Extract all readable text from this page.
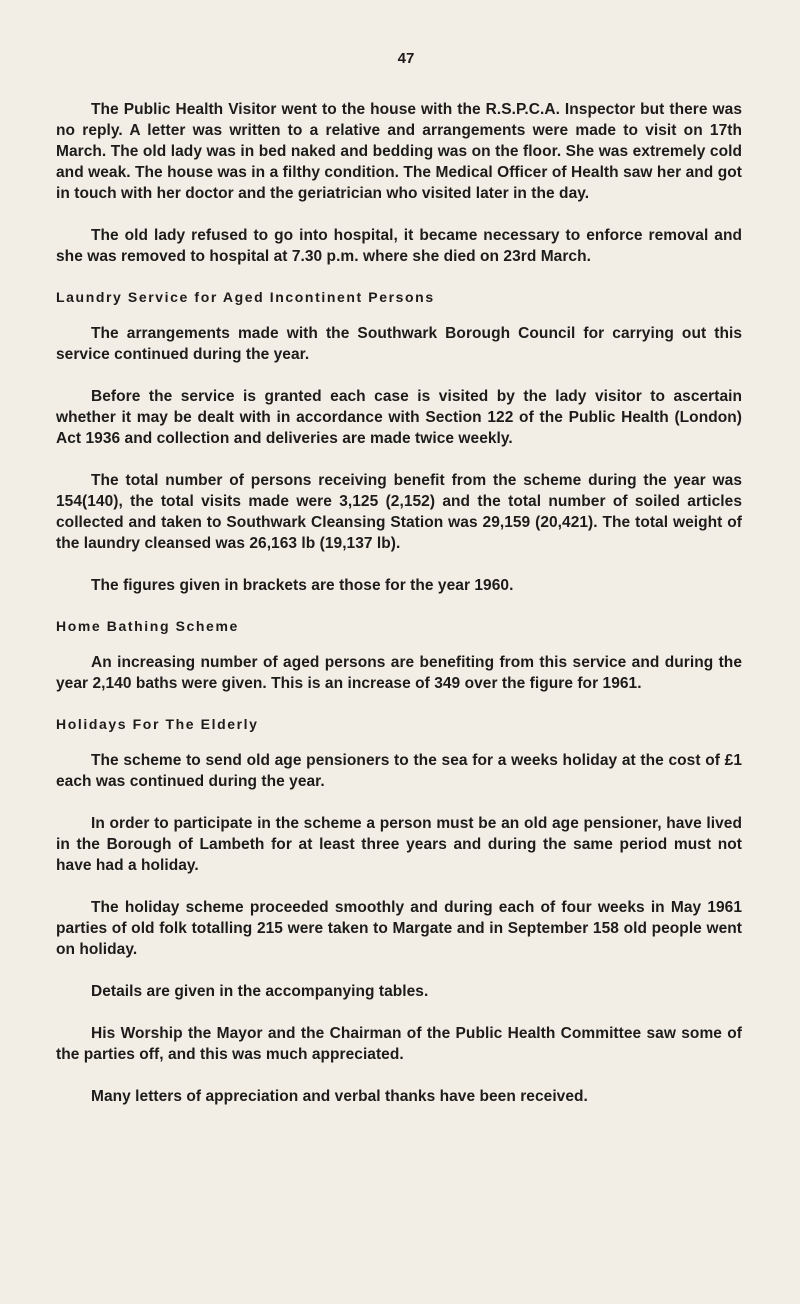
47

The Public Health Visitor went to the house with the R.S.P.C.A. Inspector but there was no reply. A letter was written to a relative and arrangements were made to visit on 17th March. The old lady was in bed naked and bedding was on the floor. She was extremely cold and weak. The house was in a filthy condition. The Medical Officer of Health saw her and got in touch with her doctor and the geriatrician who visited later in the day.

The old lady refused to go into hospital, it became necessary to enforce removal and she was removed to hospital at 7.30 p.m. where she died on 23rd March.

Laundry Service for Aged Incontinent Persons

The arrangements made with the Southwark Borough Council for carrying out this service continued during the year.

Before the service is granted each case is visited by the lady visitor to ascertain whether it may be dealt with in accordance with Section 122 of the Public Health (London) Act 1936 and collection and deliveries are made twice weekly.

The total number of persons receiving benefit from the scheme during the year was 154(140), the total visits made were 3,125 (2,152) and the total number of soiled articles collected and taken to Southwark Cleansing Station was 29,159 (20,421). The total weight of the laundry cleansed was 26,163 lb (19,137 lb).

The figures given in brackets are those for the year 1960.

Home Bathing Scheme

An increasing number of aged persons are benefiting from this service and during the year 2,140 baths were given. This is an increase of 349 over the figure for 1961.

Holidays For The Elderly

The scheme to send old age pensioners to the sea for a weeks holiday at the cost of £1 each was continued during the year.

In order to participate in the scheme a person must be an old age pensioner, have lived in the Borough of Lambeth for at least three years and during the same period must not have had a holiday.

The holiday scheme proceeded smoothly and during each of four weeks in May 1961 parties of old folk totalling 215 were taken to Margate and in September 158 old people went on holiday.

Details are given in the accompanying tables.

His Worship the Mayor and the Chairman of the Public Health Committee saw some of the parties off, and this was much appreciated.

Many letters of appreciation and verbal thanks have been received.
